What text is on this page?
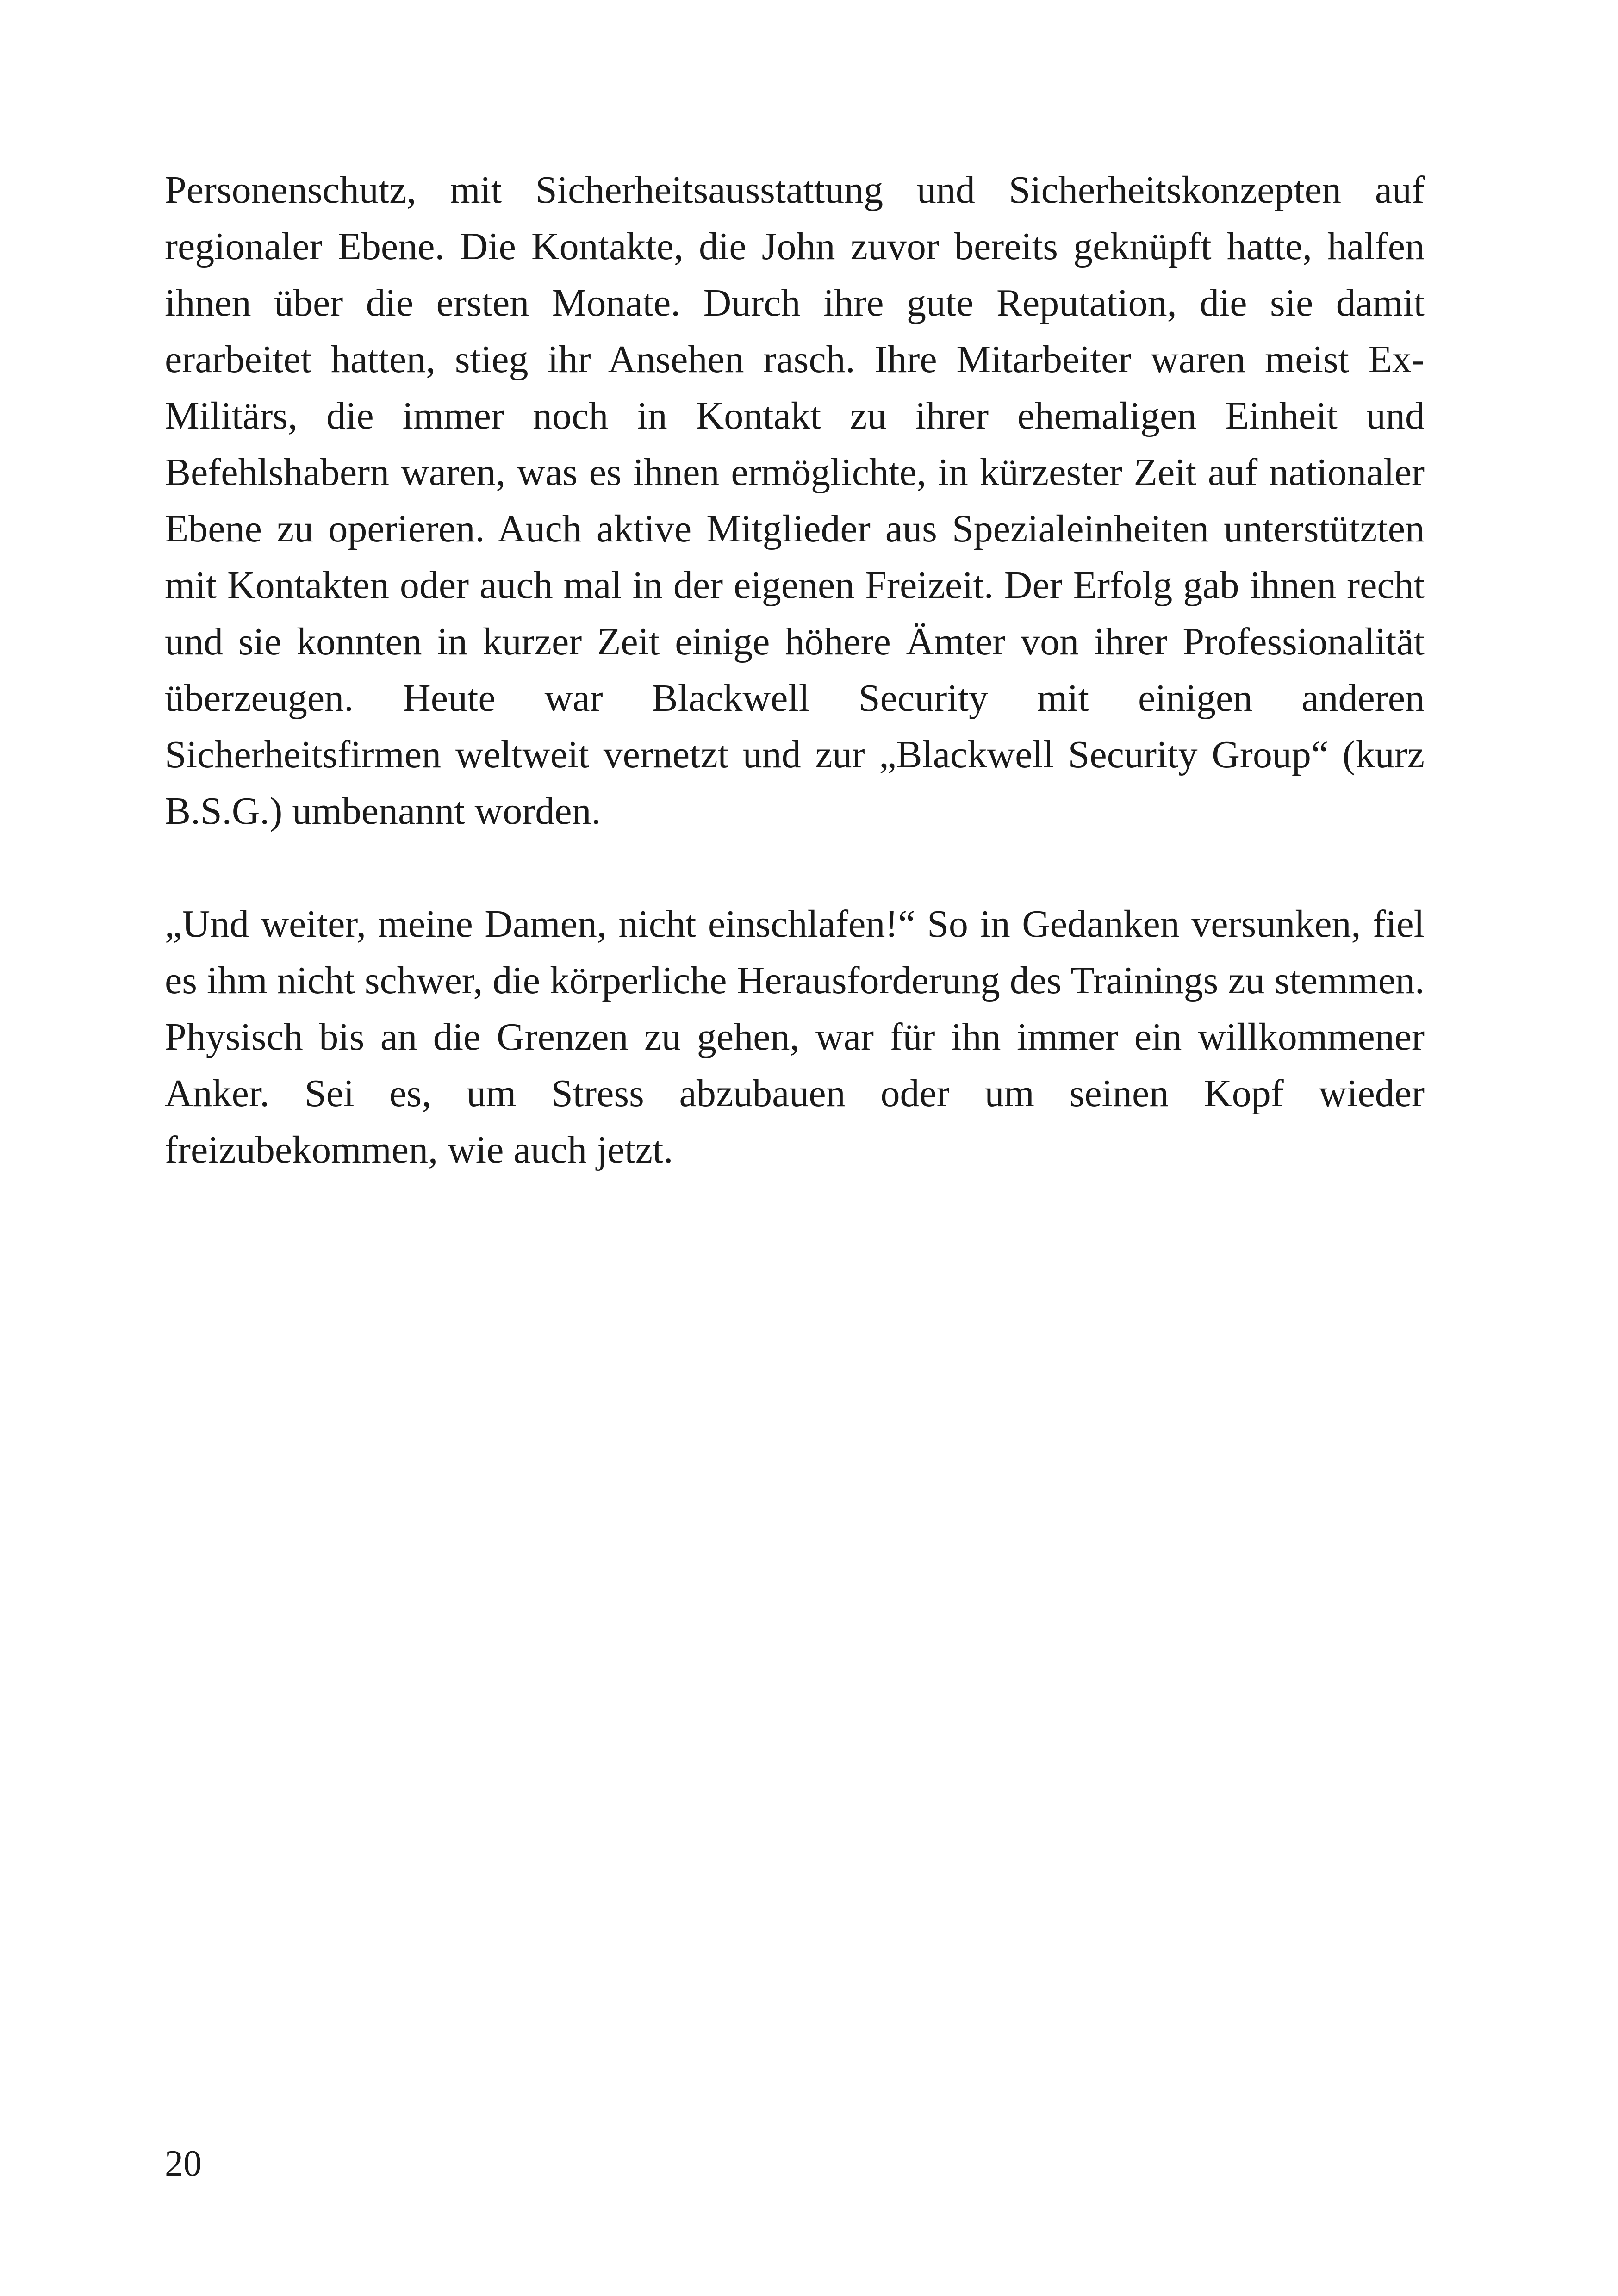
Personenschutz, mit Sicherheitsausstattung und Sicherheitskonzepten auf regionaler Ebene. Die Kontakte, die John zuvor bereits geknüpft hatte, halfen ihnen über die ersten Monate. Durch ihre gute Reputation, die sie damit erarbeitet hatten, stieg ihr Ansehen rasch. Ihre Mitarbeiter waren meist Ex-Militärs, die immer noch in Kontakt zu ihrer ehemaligen Einheit und Befehlshabern waren, was es ihnen ermöglichte, in kürzester Zeit auf nationaler Ebene zu operieren. Auch aktive Mitglieder aus Spezialeinheiten unterstützten mit Kontakten oder auch mal in der eigenen Freizeit. Der Erfolg gab ihnen recht und sie konnten in kurzer Zeit einige höhere Ämter von ihrer Professionalität überzeugen. Heute war Blackwell Security mit einigen anderen Sicherheitsfirmen weltweit vernetzt und zur „Blackwell Security Group“ (kurz B.S.G.) umbenannt worden.

„Und weiter, meine Damen, nicht einschlafen!“ So in Gedanken versunken, fiel es ihm nicht schwer, die körperliche Herausforderung des Trainings zu stemmen. Physisch bis an die Grenzen zu gehen, war für ihn immer ein willkommener Anker. Sei es, um Stress abzubauen oder um seinen Kopf wieder freizubekommen, wie auch jetzt.

20
